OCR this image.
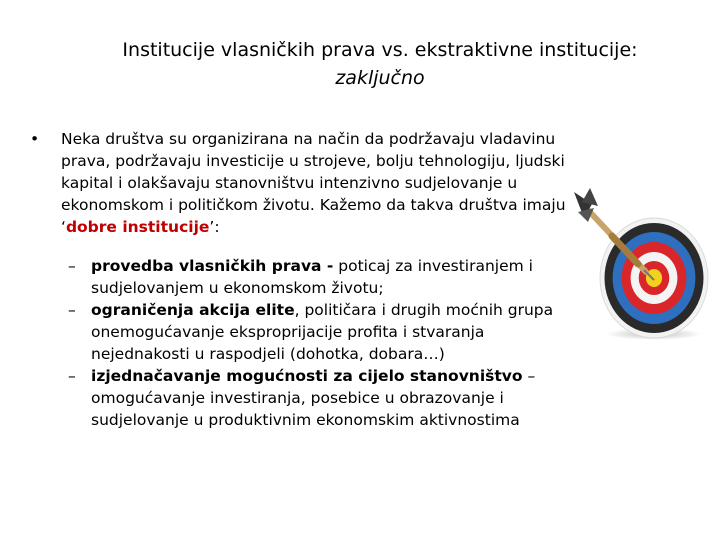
Institucije vlasničkih prava vs. ekstraktivne institucije:
zaključno
• Neka društva su organizirana na način da podržavaju vladavinu prava, podržavaju investicije u strojeve, bolju tehnologiju, ljudski kapital i olakšavaju stanovništvu intenzivno sudjelovanje u ekonomskom i političkom životu. Kažemo da takva društva imaju ‘dobre institucije’:
– provedba vlasničkih prava - poticaj za investiranjem i sudjelovanjem u ekonomskom životu;
– ograničenja akcija elite, političara i drugih moćnih grupa onemogućavanje eksproprijacije profita i stvaranja nejednakosti u raspodjeli (dohotka, dobara…)
– izjednačavanje mogućnosti za cijelo stanovništvo – omogućavanje investiranja, posebice u obrazovanje i sudjelovanje u produktivnim ekonomskim aktivnostima
